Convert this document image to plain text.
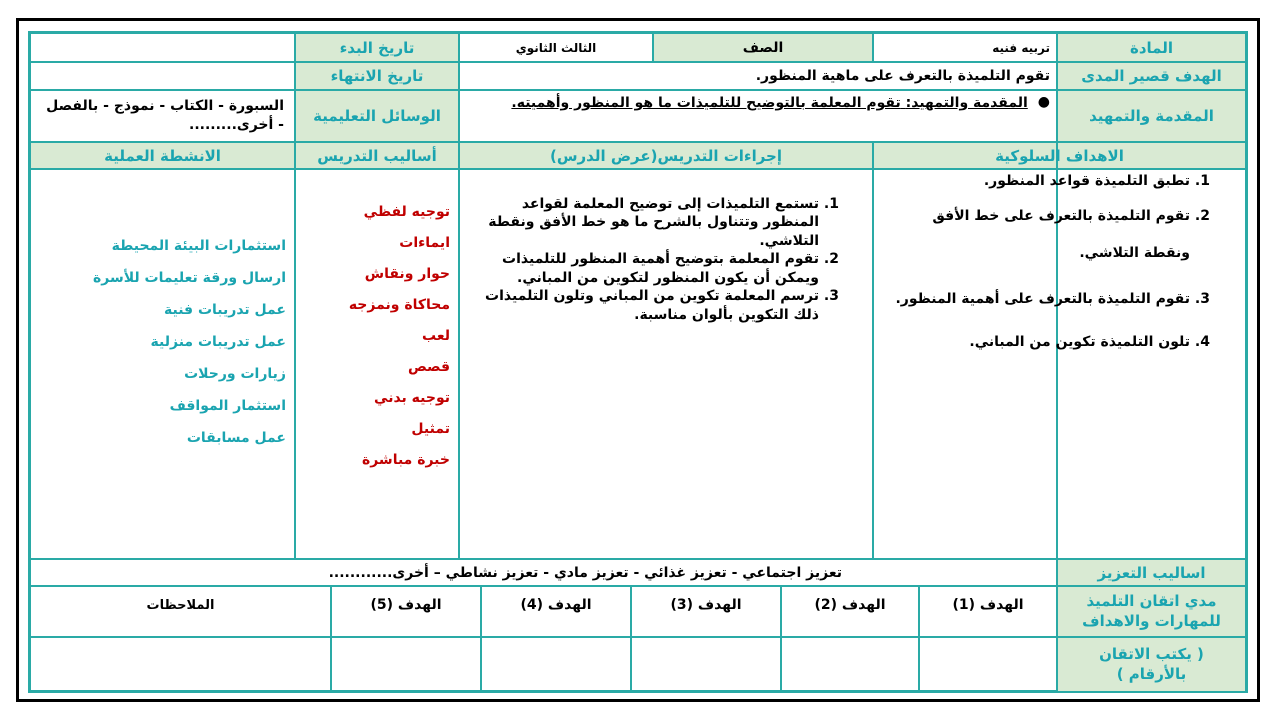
المادة
تربيه فنيه
الصف
الثالث الثانوي
تاريخ البدء
الهدف قصير المدى
تقوم التلميذة بالتعرف على ماهية المنظور.
تاريخ الانتهاء
المقدمة والتمهيد
●
المقدمة والتمهيد: تقوم المعلمة بالتوضيح للتلميذات ما هو المنظور وأهميته.
الوسائل التعليمية
السبورة - الكتاب - نموذج - بالفصل - أخرى.........
الاهداف السلوكية
إجراءات التدريس(عرض الدرس)
أساليب التدريس
الانشطة العملية
1. تطبق التلميذة قواعد المنظور.
2. تقوم التلميذة بالتعرف على خط الأفق ونقطة التلاشي.
3. تقوم التلميذة بالتعرف على أهمية المنظور.
4. تلون التلميذة تكوين من المباني.
1. تستمع التلميذات إلى توضيح المعلمة لقواعد المنظور وتتناول بالشرح ما هو خط الأفق ونقطة التلاشي.
2. تقوم المعلمة بتوضيح أهمية المنظور للتلميذات ويمكن أن يكون المنظور لتكوين من المباني.
3. ترسم المعلمة تكوين من المباني وتلون التلميذات ذلك التكوين بألوان مناسبة.
توجيه لفظي
ايماءات
حوار ونقاش
محاكاة ونمزجه
لعب
قصص
توجيه بدني
تمثيل
خبرة مباشرة
استثمارات البيئة المحيطة
ارسال ورقة تعليمات للأسرة
عمل تدريبات فنية
عمل تدريبات منزلية
زيارات ورحلات
استثمار المواقف
عمل مسابقات
اساليب التعزيز
تعزيز اجتماعي - تعزيز غذائي - تعزيز مادي - تعزيز نشاطي – أخرى............
مدي اتقان التلميذ للمهارات والاهداف
( يكتب الاتقان بالأرقام )
الهدف (1)
الهدف (2)
الهدف (3)
الهدف (4)
الهدف (5)
الملاحظات
